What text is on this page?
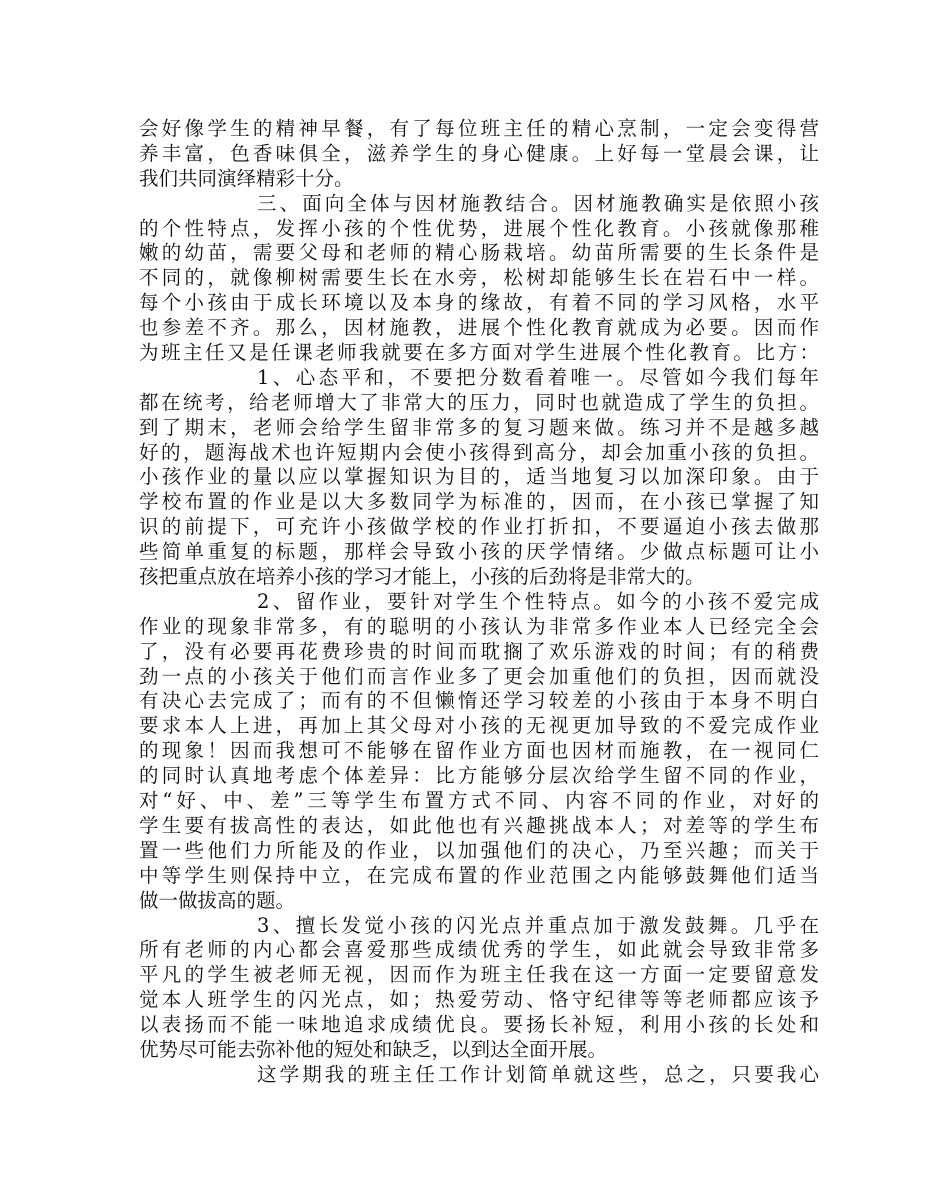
会好像学生的精神早餐，有了每位班主任的精心烹制，一定会变得营
养丰富，色香味俱全，滋养学生的身心健康。上好每一堂晨会课，让
我们共同演绎精彩十分。
三、面向全体与因材施教结合。因材施教确实是依照小孩
的个性特点，发挥小孩的个性优势，进展个性化教育。小孩就像那稚
嫩的幼苗，需要父母和老师的精心肠栽培。幼苗所需要的生长条件是
不同的，就像柳树需要生长在水旁，松树却能够生长在岩石中一样。
每个小孩由于成长环境以及本身的缘故，有着不同的学习风格，水平
也参差不齐。那么，因材施教，进展个性化教育就成为必要。因而作
为班主任又是任课老师我就要在多方面对学生进展个性化教育。比方：
1、心态平和，不要把分数看着唯一。尽管如今我们每年
都在统考，给老师增大了非常大的压力，同时也就造成了学生的负担。
到了期末，老师会给学生留非常多的复习题来做。练习并不是越多越
好的，题海战术也许短期内会使小孩得到高分，却会加重小孩的负担。
小孩作业的量以应以掌握知识为目的，适当地复习以加深印象。由于
学校布置的作业是以大多数同学为标准的，因而，在小孩已掌握了知
识的前提下，可充许小孩做学校的作业打折扣，不要逼迫小孩去做那
些简单重复的标题，那样会导致小孩的厌学情绪。少做点标题可让小
孩把重点放在培养小孩的学习才能上，小孩的后劲将是非常大的。
2、留作业，要针对学生个性特点。如今的小孩不爱完成
作业的现象非常多，有的聪明的小孩认为非常多作业本人已经完全会
了，没有必要再花费珍贵的时间而耽搁了欢乐游戏的时间；有的稍费
劲一点的小孩关于他们而言作业多了更会加重他们的负担，因而就没
有决心去完成了；而有的不但懒惰还学习较差的小孩由于本身不明白
要求本人上进，再加上其父母对小孩的无视更加导致的不爱完成作业
的现象！因而我想可不能够在留作业方面也因材而施教，在一视同仁
的同时认真地考虑个体差异：比方能够分层次给学生留不同的作业，
对“好、中、差”三等学生布置方式不同、内容不同的作业，对好的
学生要有拔高性的表达，如此他也有兴趣挑战本人；对差等的学生布
置一些他们力所能及的作业，以加强他们的决心，乃至兴趣；而关于
中等学生则保持中立，在完成布置的作业范围之内能够鼓舞他们适当
做一做拔高的题。
3、擅长发觉小孩的闪光点并重点加于激发鼓舞。几乎在
所有老师的内心都会喜爱那些成绩优秀的学生，如此就会导致非常多
平凡的学生被老师无视，因而作为班主任我在这一方面一定要留意发
觉本人班学生的闪光点，如；热爱劳动、恪守纪律等等老师都应该予
以表扬而不能一味地追求成绩优良。要扬长补短，利用小孩的长处和
优势尽可能去弥补他的短处和缺乏，以到达全面开展。
这学期我的班主任工作计划简单就这些，总之，只要我心
